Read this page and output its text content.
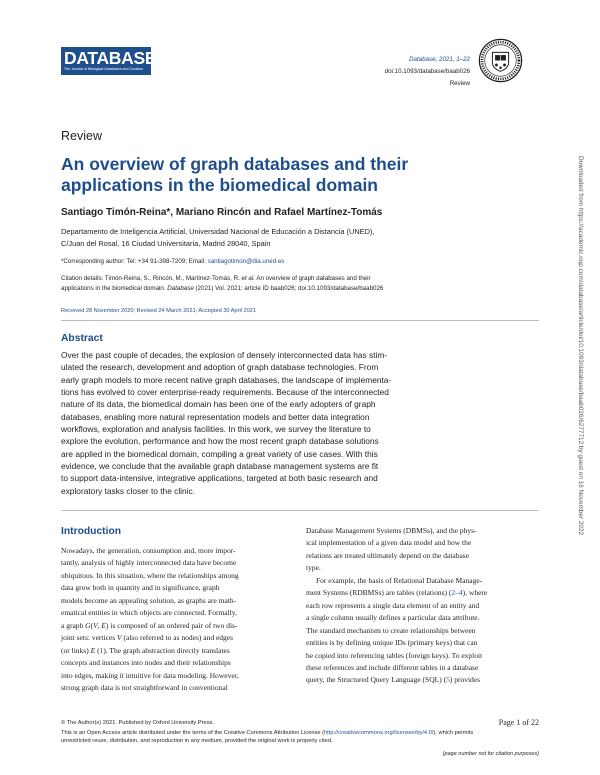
DATABASE
The Journal of Biological Databases and Curation
Database, 2021, 1–22
doi:10.1093/database/baab026
Review
Review
An overview of graph databases and their
applications in the biomedical domain
Santiago Timón-Reina*, Mariano Rincón and Rafael Martínez-Tomás
Departamento de Inteligencia Artificial, Universidad Nacional de Educación a Distancia (UNED),
C/Juan del Rosal, 16 Ciudad Universitaria, Madrid 28040, Spain
*Corresponding author: Tel: +34 91-398-7209; Email: santiagotimon@dia.uned.es
Citation details: Timón-Reina, S., Rincón, M., Martínez-Tomás, R. et al. An overview of graph databases and their
applications in the biomedical domain. Database (2021) Vol. 2021: article ID baab026; doi:10.1093/database/baab026
Received 28 November 2020; Revised 24 March 2021; Accepted 30 April 2021
Abstract
Over the past couple of decades, the explosion of densely interconnected data has stim-
ulated the research, development and adoption of graph database technologies. From
early graph models to more recent native graph databases, the landscape of implementa-
tions has evolved to cover enterprise-ready requirements. Because of the interconnected
nature of its data, the biomedical domain has been one of the early adopters of graph
databases, enabling more natural representation models and better data integration
workflows, exploration and analysis facilities. In this work, we survey the literature to
explore the evolution, performance and how the most recent graph database solutions
are applied in the biomedical domain, compiling a great variety of use cases. With this
evidence, we conclude that the available graph database management systems are fit
to support data-intensive, integrative applications, targeted at both basic research and
exploratory tasks closer to the clinic.
Introduction

Nowadays, the generation, consumption and, more impor-

tantly, analysis of highly interconnected data have become

ubiquitous. In this situation, where the relationships among

data grow both in quantity and in significance, graph

models become an appealing solution, as graphs are math-

ematical entities in which objects are connected. Formally,

a graph G(V, E) is composed of an ordered pair of two dis-

joint sets: vertices V (also referred to as nodes) and edges

(or links) E (1). The graph abstraction directly translates

concepts and instances into nodes and their relationships

into edges, making it intuitive for data modeling. However,

strong graph data is not straightforward in conventional

Database Management Systems (DBMSs), and the phys-

ical implementation of a given data model and how the

relations are treated ultimately depend on the database

type.

For example, the basis of Relational Database Manage-

ment Systems (RDBMSs) are tables (relations) (2–4), where

each row represents a single data element of an entity and

a single column usually defines a particular data attribute.

The standard mechanism to create relationships between

entities is by defining unique IDs (primary keys) that can

be copied into referencing tables (foreign keys). To exploit

these references and include different tables in a database

query, the Structured Query Language (SQL) (5) provides

© The Author(s) 2021. Published by Oxford University Press.	Page 1 of 22
This is an Open Access article distributed under the terms of the Creative Commons Attribution License (http://creativecommons.org/licenses/by/4.0/), which permits
unrestricted reuse, distribution, and reproduction in any medium, provided the original work is properly cited.
(page number not for citation purposes)
Downloaded from https://academic.oup.com/database/article/doi/10.1093/database/baab026/6277712 by guest on 16 November 2022
